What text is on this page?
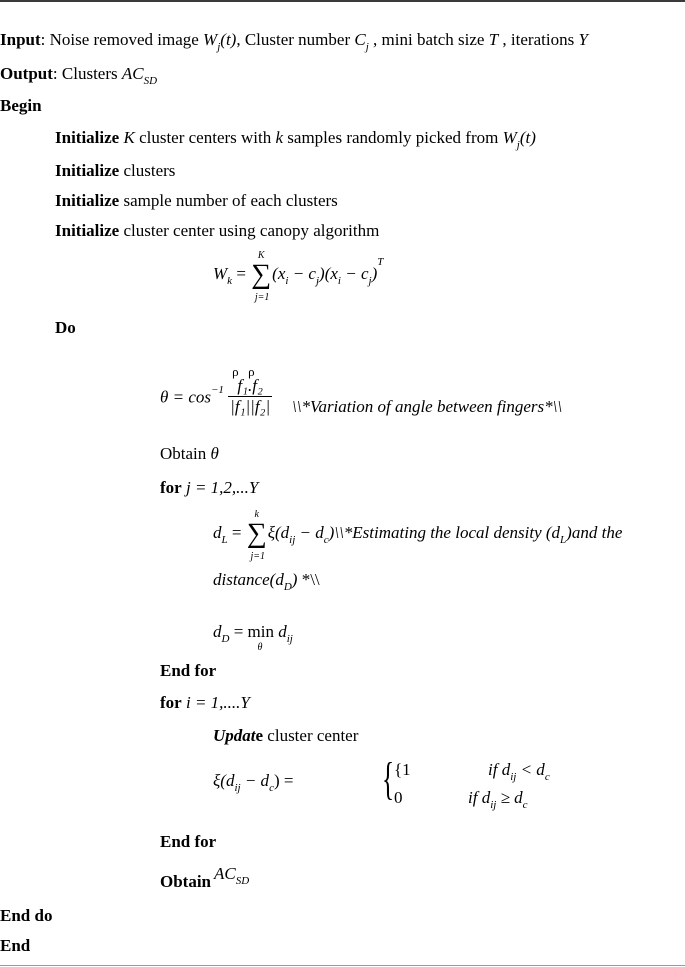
Input: Noise removed image $W_j(t)$, Cluster number $C_j$ , mini batch size T , iterations Y
Output: Clusters $AC_{SD}$
Begin
Initialize K cluster centers with k samples randomly picked from $W_j(t)$
Initialize clusters
Initialize sample number of each clusters
Initialize cluster center using canopy algorithm
$W_k$ =
K
∑
j=1
$(x_i - c_j)(x_i - c_j)^T$
Do
$\theta = \cos^{-1} \rho$ ρ
f₁.f₂
|f₁||f₂| \\*Variation of angle between fingers*\\
Obtain θ
for j = 1,2,...Y
$d_L$ =
k
∑
j=1
$\xi(d_{ij}$ − $d_c)\backslash\backslash*Estimating$ the local density $(d_L)and$ the
$distance(d_D)$ *\\
$d_D = \min$
θ
$d_{ij}$
End for
for i = 1,....Y
Update cluster center
$\xi(d_{ij} - d_c)$ = { {1	if $d_{ij} < d_c$
0	if $d_{ij} \ge d_c$
End for
Obtain ACSD
End do
End
